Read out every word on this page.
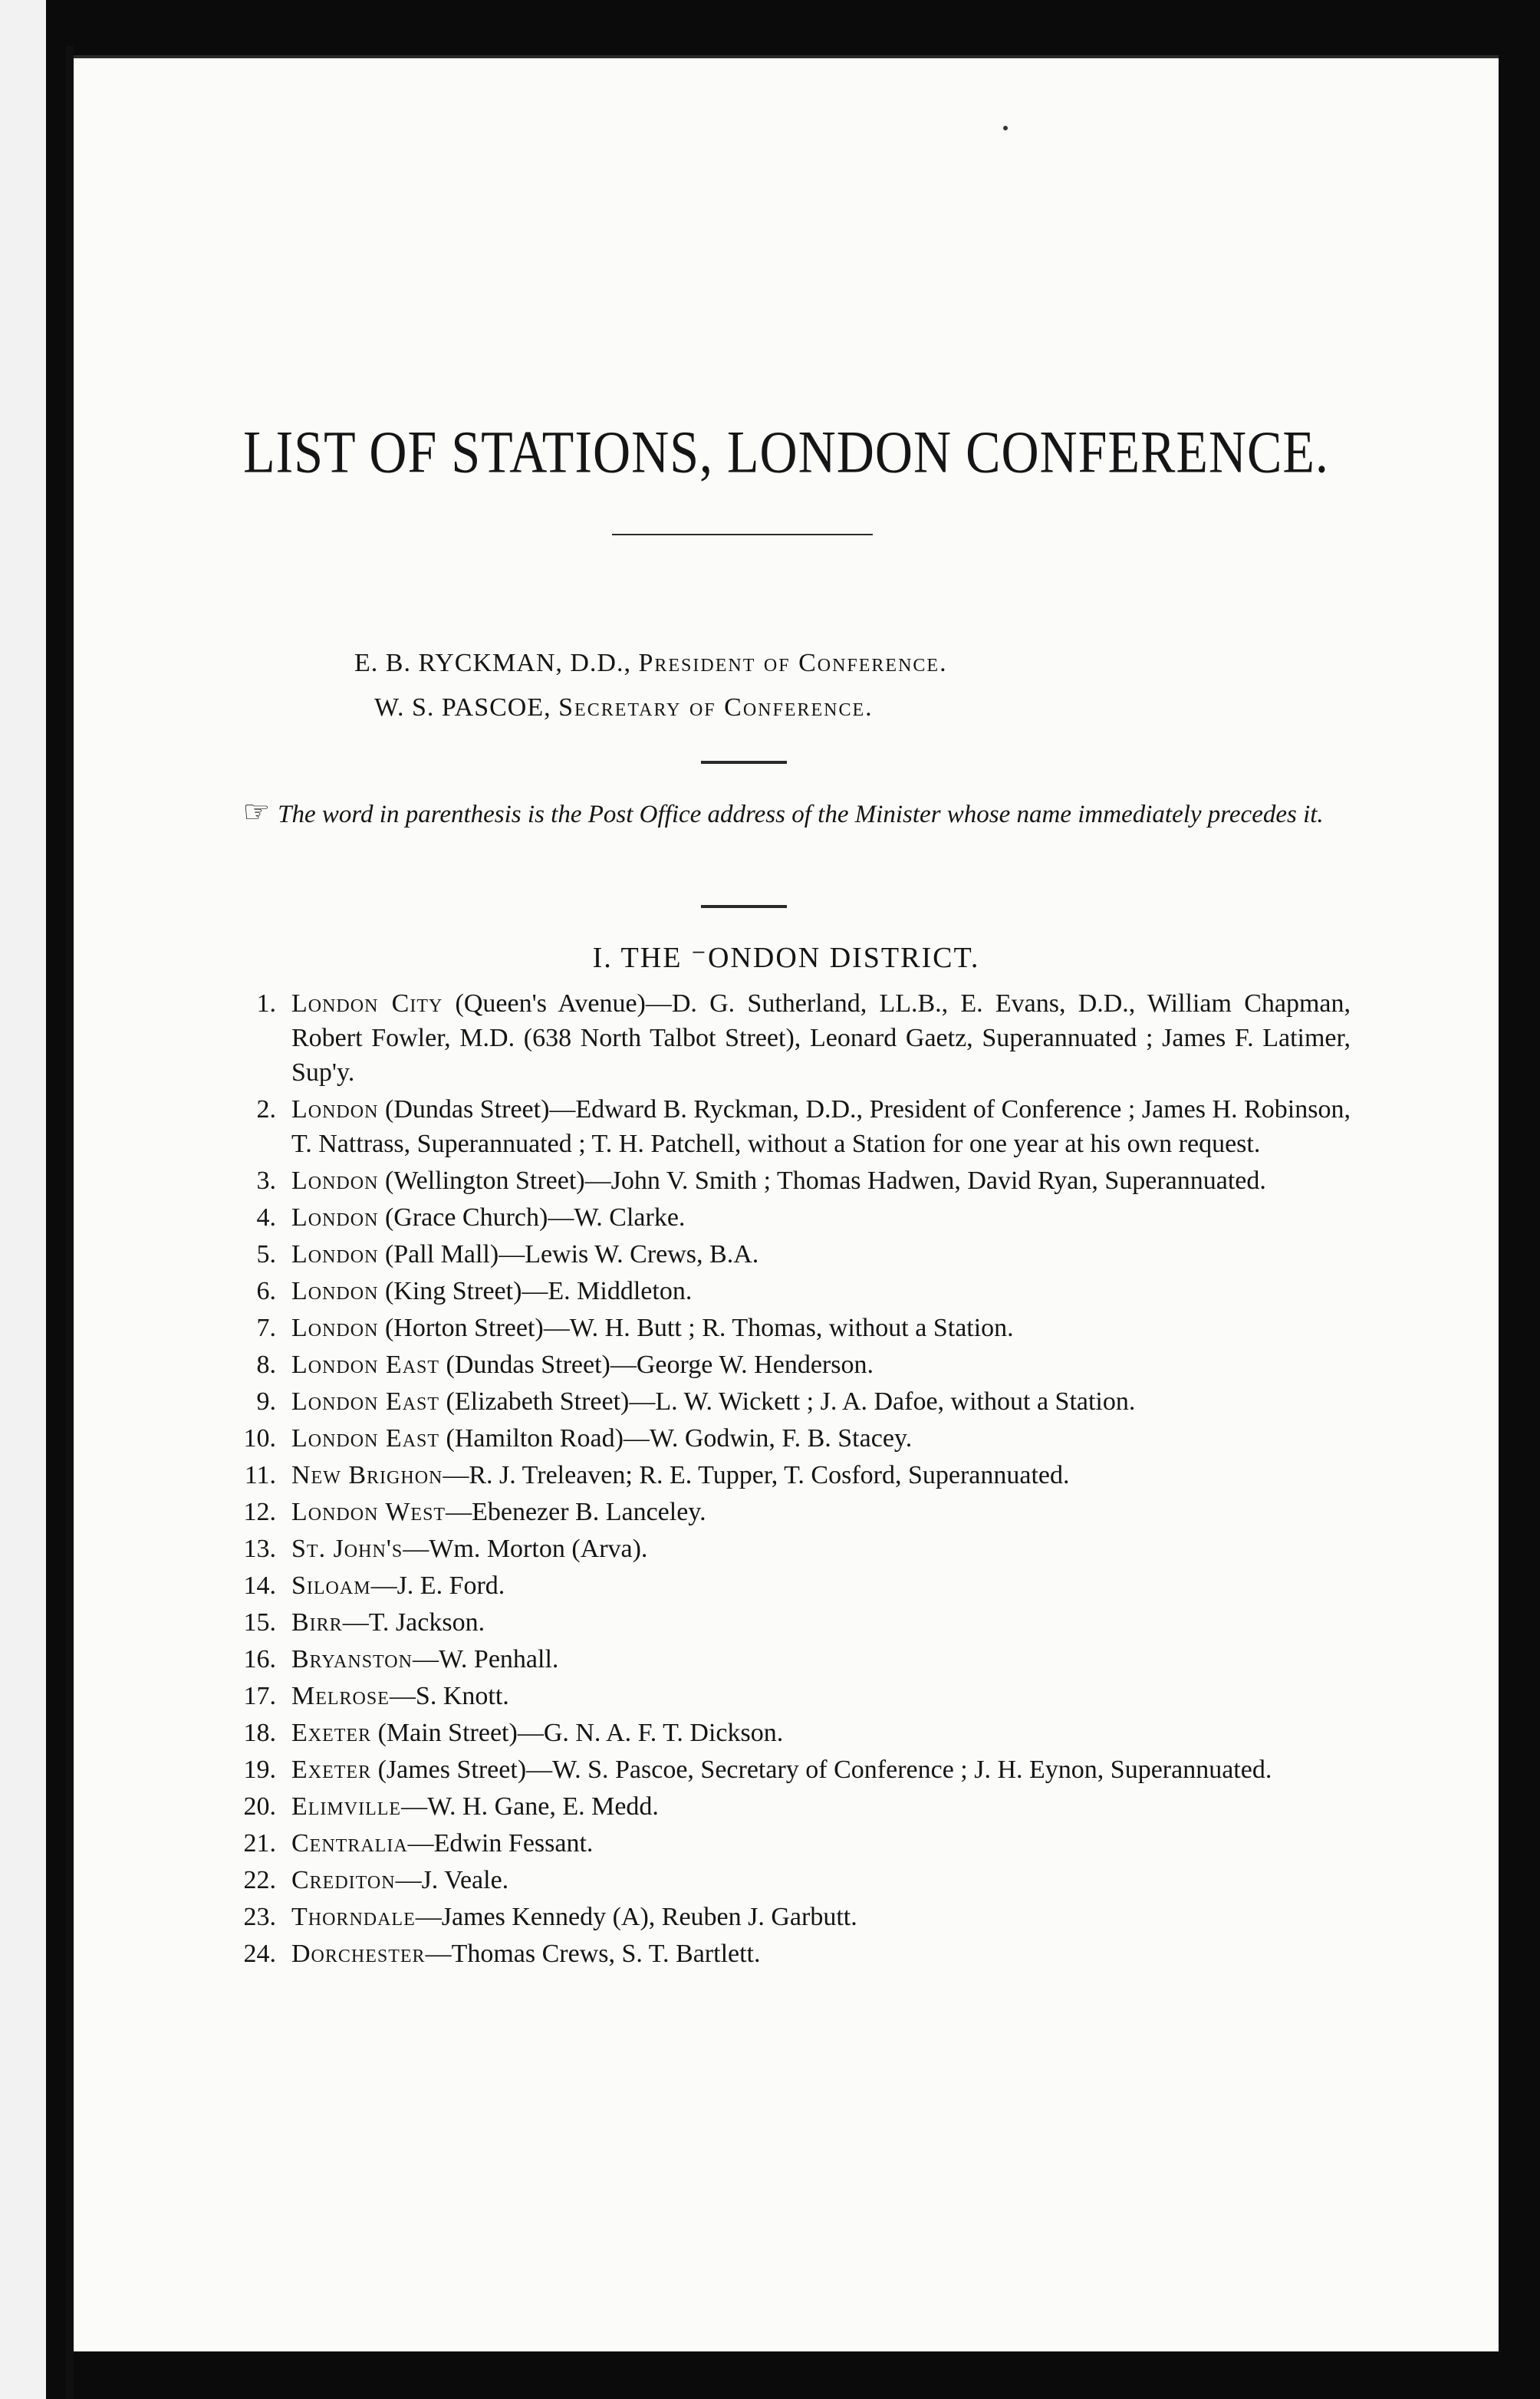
LIST OF STATIONS, LONDON CONFERENCE.
E. B. RYCKMAN, D.D., President of Conference.
W. S. PASCOE, Secretary of Conference.
☞ The word in parenthesis is the Post Office address of the Minister whose name immediately precedes it.
I. THE ⁻ONDON DISTRICT.
1. London City (Queen's Avenue)—D. G. Sutherland, LL.B., E. Evans, D.D., William Chapman, Robert Fowler, M.D. (638 North Talbot Street), Leonard Gaetz, Superannuated ; James F. Latimer, Sup'y.
2. London (Dundas Street)—Edward B. Ryckman, D.D., President of Conference ; James H. Robinson, T. Nattrass, Superannuated ; T. H. Patchell, without a Station for one year at his own request.
3. London (Wellington Street)—John V. Smith ; Thomas Hadwen, David Ryan, Superannuated.
4. London (Grace Church)—W. Clarke.
5. London (Pall Mall)—Lewis W. Crews, B.A.
6. London (King Street)—E. Middleton.
7. London (Horton Street)—W. H. Butt ; R. Thomas, without a Station.
8. London East (Dundas Street)—George W. Henderson.
9. London East (Elizabeth Street)—L. W. Wickett ; J. A. Dafoe, without a Station.
10. London East (Hamilton Road)—W. Godwin, F. B. Stacey.
11. New Brighon—R. J. Treleaven; R. E. Tupper, T. Cosford, Superannuated.
12. London West—Ebenezer B. Lanceley.
13. St. John's—Wm. Morton (Arva).
14. Siloam—J. E. Ford.
15. Birr—T. Jackson.
16. Bryanston—W. Penhall.
17. Melrose—S. Knott.
18. Exeter (Main Street)—G. N. A. F. T. Dickson.
19. Exeter (James Street)—W. S. Pascoe, Secretary of Conference ; J. H. Eynon, Superannuated.
20. Elimville—W. H. Gane, E. Medd.
21. Centralia—Edwin Fessant.
22. Crediton—J. Veale.
23. Thorndale—James Kennedy (A), Reuben J. Garbutt.
24. Dorchester—Thomas Crews, S. T. Bartlett.
